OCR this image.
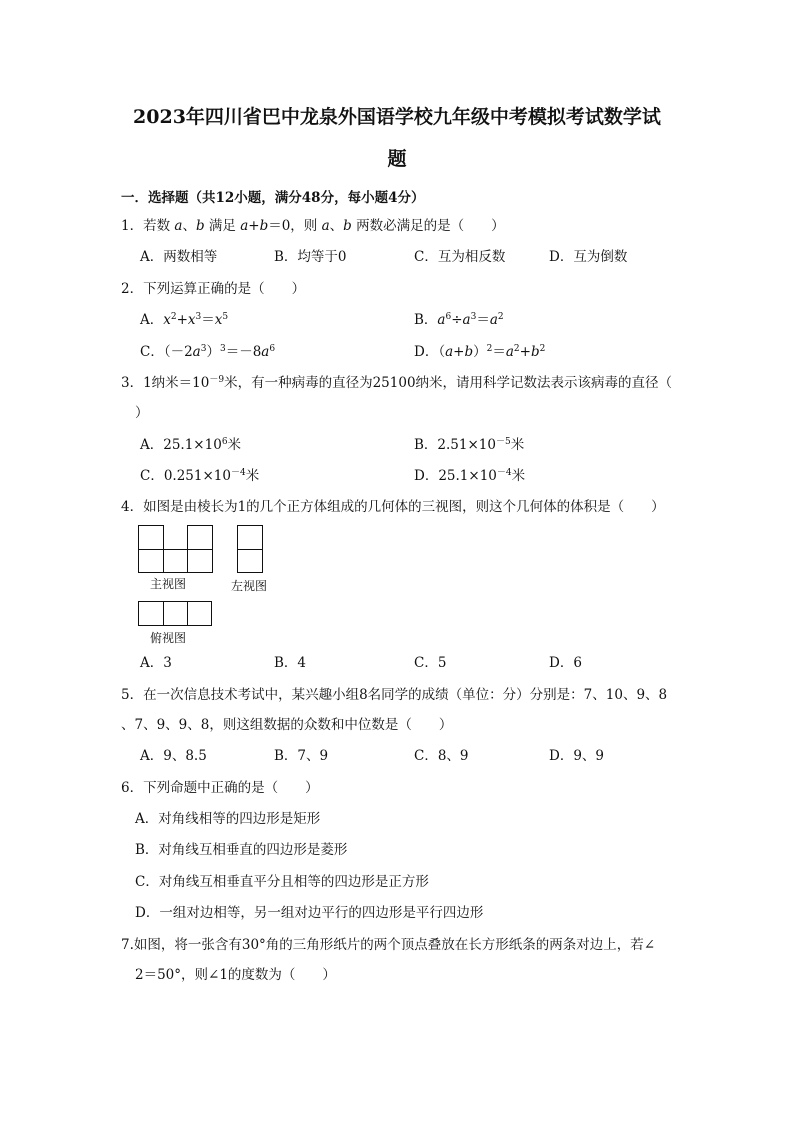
2023年四川省巴中龙泉外国语学校九年级中考模拟考试数学试
题
一．选择题（共12小题，满分48分，每小题4分）
1．若数 a、b 满足 a+b＝0，则 a、b 两数必满足的是（　　）
A．两数相等	B．均等于0	C．互为相反数	D．互为倒数
2．下列运算正确的是（　　）
A．$x^2+x^3=x^5$	B．$a^6\div a^3=a^2$
C．$(-2a^3)^3=-8a^6$	D．$(a+b)^2=a^2+b^2$
3．1纳米$=10^{-9}$米，有一种病毒的直径为25100纳米，请用科学记数法表示该病毒的直径（
）
A．$25.1\times 10^6$米	B．$2.51\times 10^{-5}$米
C．$0.251\times 10^{-4}$米	D．$25.1\times 10^{-4}$米
4．如图是由棱长为1的几个正方体组成的几何体的三视图，则这个几何体的体积是（　　）
主视图	左视图
俯视图
A．3	B．4	C．5	D．6
5．在一次信息技术考试中，某兴趣小组8名同学的成绩（单位：分）分别是：7、10、9、8
、7、9、9、8，则这组数据的众数和中位数是（　　）
A．9、8.5	B．7、9	C．8、9	D．9、9
6．下列命题中正确的是（　　）
A．对角线相等的四边形是矩形
B．对角线互相垂直的四边形是菱形
C．对角线互相垂直平分且相等的四边形是正方形
D．一组对边相等，另一组对边平行的四边形是平行四边形
7.如图，将一张含有30°角的三角形纸片的两个顶点叠放在长方形纸条的两条对边上，若∠
2＝50°，则∠1的度数为（　　）
